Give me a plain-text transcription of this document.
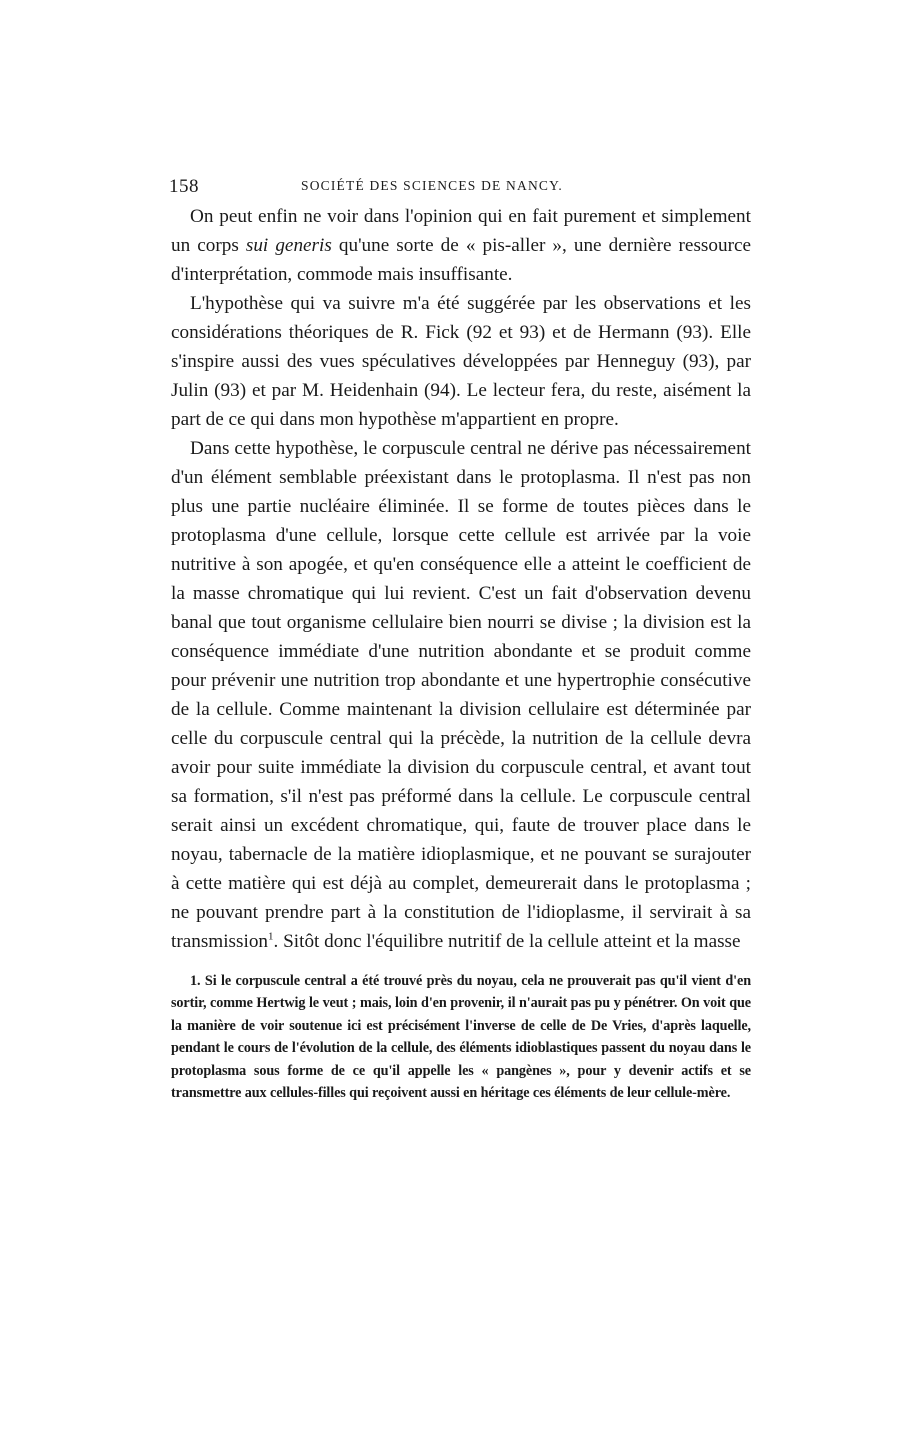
158	SOCIÉTÉ DES SCIENCES DE NANCY.

On peut enfin ne voir dans l'opinion qui en fait purement et simplement un corps sui generis qu'une sorte de « pis-aller », une dernière ressource d'interprétation, commode mais insuffisante.

L'hypothèse qui va suivre m'a été suggérée par les observations et les considérations théoriques de R. Fick (92 et 93) et de Hermann (93). Elle s'inspire aussi des vues spéculatives développées par Henneguy (93), par Julin (93) et par M. Heidenhain (94). Le lecteur fera, du reste, aisément la part de ce qui dans mon hypothèse m'appartient en propre.

Dans cette hypothèse, le corpuscule central ne dérive pas nécessairement d'un élément semblable préexistant dans le protoplasma. Il n'est pas non plus une partie nucléaire éliminée. Il se forme de toutes pièces dans le protoplasma d'une cellule, lorsque cette cellule est arrivée par la voie nutritive à son apogée, et qu'en conséquence elle a atteint le coefficient de la masse chromatique qui lui revient. C'est un fait d'observation devenu banal que tout organisme cellulaire bien nourri se divise ; la division est la conséquence immédiate d'une nutrition abondante et se produit comme pour prévenir une nutrition trop abondante et une hypertrophie consécutive de la cellule. Comme maintenant la division cellulaire est déterminée par celle du corpuscule central qui la précède, la nutrition de la cellule devra avoir pour suite immédiate la division du corpuscule central, et avant tout sa formation, s'il n'est pas préformé dans la cellule. Le corpuscule central serait ainsi un excédent chromatique, qui, faute de trouver place dans le noyau, tabernacle de la matière idioplasmique, et ne pouvant se surajouter à cette matière qui est déjà au complet, demeurerait dans le protoplasma ; ne pouvant prendre part à la constitution de l'idioplasme, il servirait à sa transmission$^1$. Sitôt donc l'équilibre nutritif de la cellule atteint et la masse

1. Si le corpuscule central a été trouvé près du noyau, cela ne prouverait pas qu'il vient d'en sortir, comme Hertwig le veut ; mais, loin d'en provenir, il n'aurait pas pu y pénétrer. On voit que la manière de voir soutenue ici est précisément l'inverse de celle de De Vries, d'après laquelle, pendant le cours de l'évolution de la cellule, des éléments idioblastiques passent du noyau dans le protoplasma sous forme de ce qu'il appelle les « pangènes », pour y devenir actifs et se transmettre aux cellules-filles qui reçoivent aussi en héritage ces éléments de leur cellule-mère.
